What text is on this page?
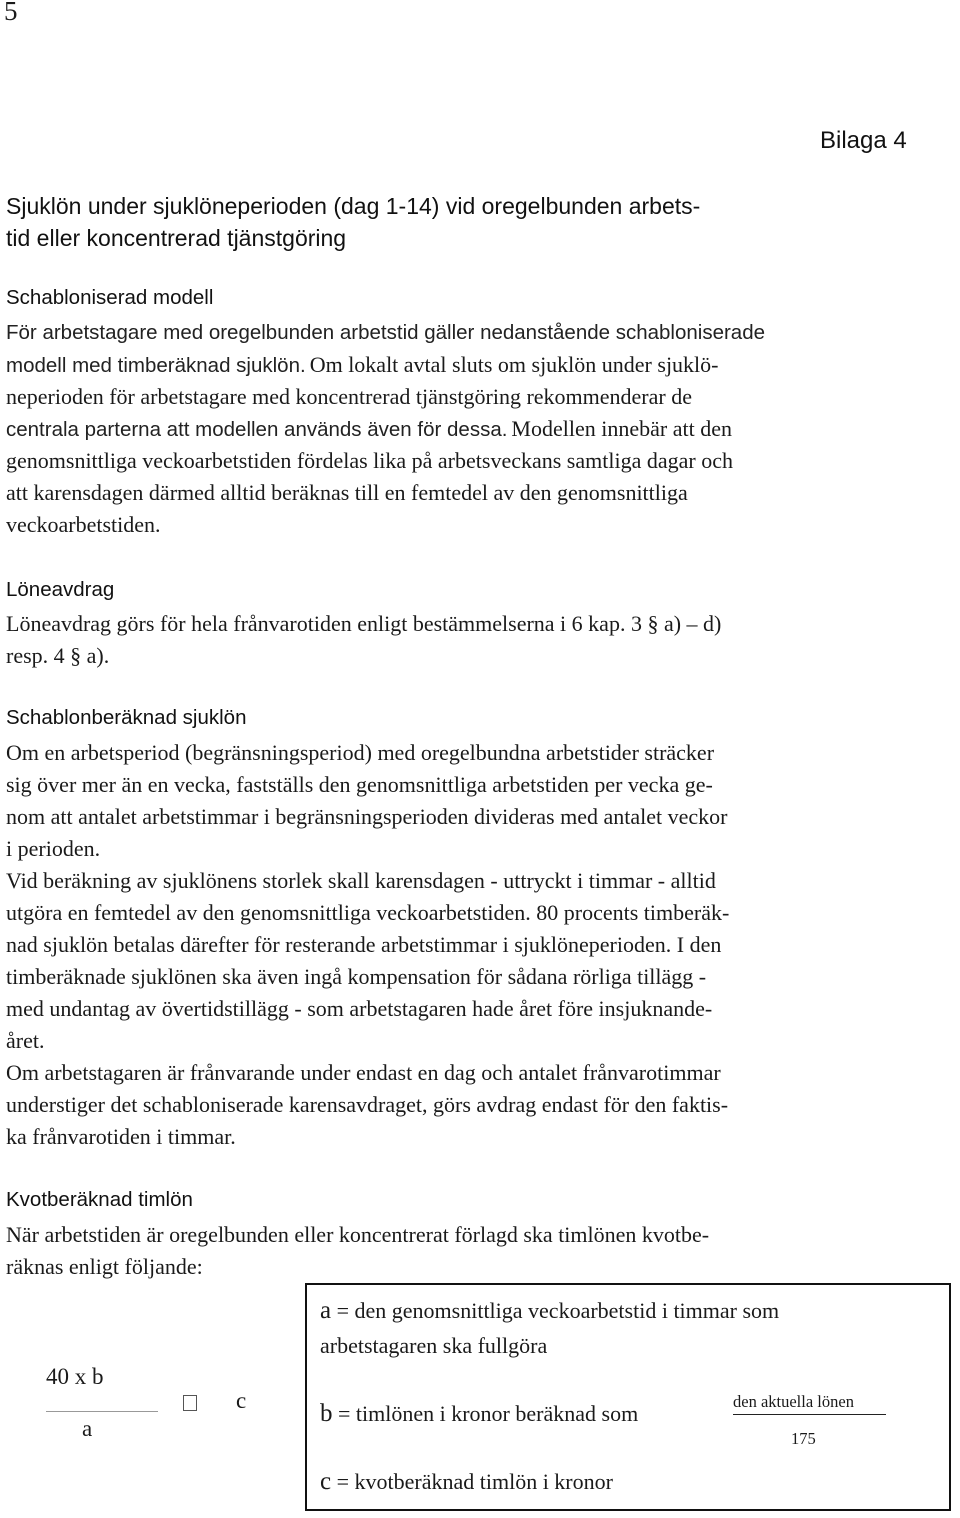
5
Bilaga 4
Sjuklön under sjuklöneperioden (dag 1-14) vid oregelbunden arbets-
tid eller koncentrerad tjänstgöring
Schabloniserad modell
För arbetstagare med oregelbunden arbetstid gäller nedanstående schabloniserade
modell med timberäknad sjuklön. Om lokalt avtal sluts om sjuklön under sjuklö-
neperioden för arbetstagare med koncentrerad tjänstgöring rekommenderar de
centrala parterna att modellen används även för dessa. Modellen innebär att den
genomsnittliga veckoarbetstiden fördelas lika på arbetsveckans samtliga dagar och
att karensdagen därmed alltid beräknas till en femtedel av den genomsnittliga
veckoarbetstiden.
Löneavdrag
Löneavdrag görs för hela frånvarotiden enligt bestämmelserna i 6 kap. 3 § a) – d)
resp. 4 § a).
Schablonberäknad sjuklön
Om en arbetsperiod (begränsningsperiod) med oregelbundna arbetstider sträcker
sig över mer än en vecka, fastställs den genomsnittliga arbetstiden per vecka ge-
nom att antalet arbetstimmar i begränsningsperioden divideras med antalet veckor
i perioden.
Vid beräkning av sjuklönens storlek skall karensdagen - uttryckt i timmar - alltid
utgöra en femtedel av den genomsnittliga veckoarbetstiden. 80 procents timberäk-
nad sjuklön betalas därefter för resterande arbetstimmar i sjuklöneperioden. I den
timberäknade sjuklönen ska även ingå kompensation för sådana rörliga tillägg -
med undantag av övertidstillägg - som arbetstagaren hade året före insjuknande-
året.
Om arbetstagaren är frånvarande under endast en dag och antalet frånvarotimmar
understiger det schabloniserade karensavdraget, görs avdrag endast för den faktis-
ka frånvarotiden i timmar.
Kvotberäknad timlön
När arbetstiden är oregelbunden eller koncentrerat förlagd ska timlönen kvotbe-
räknas enligt följande:
40 x b
a
c
a = den genomsnittliga veckoarbetstid i timmar som
arbetstagaren ska fullgöra
b = timlönen i kronor beräknad som	den aktuella lönen
175
c = kvotberäknad timlön i kronor
